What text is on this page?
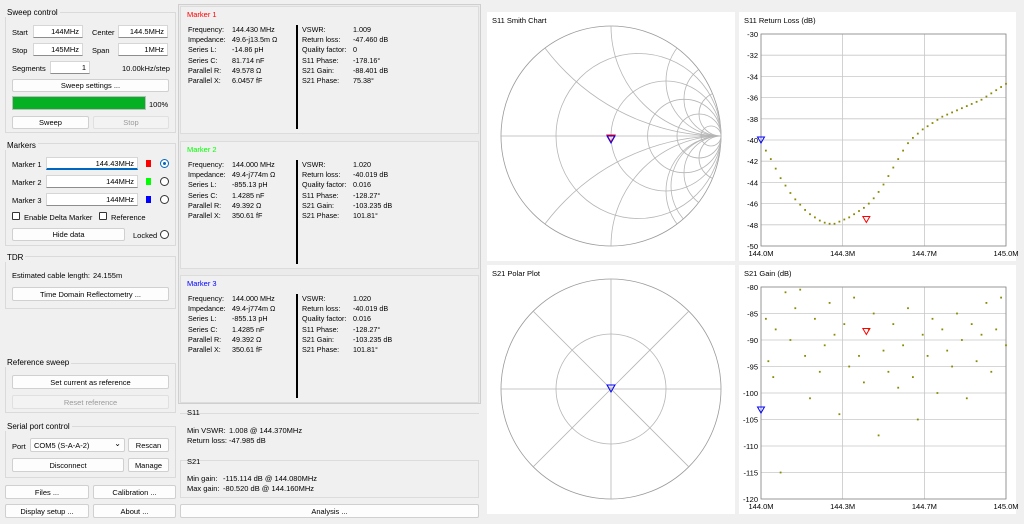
Sweep control
Start	144MHz	Center	144.5MHz
Stop	145MHz	Span	1MHz
Segments	1	10.00kHz/step
Sweep settings ...
100%
Sweep	Stop
Markers
Marker 1	144.43MHz
Marker 2	144MHz
Marker 3	144MHz
Enable Delta Marker Reference
Hide data	Locked
TDR
Estimated cable length: 24.155m
Time Domain Reflectometry ...
Reference sweep
Set current as reference
Reset reference
Serial port control
Port COM5 (S-A-A-2)	⌄	Rescan
Disconnect	Manage
Files ...	Calibration ...
Display setup ...	About ...	Analysis ...
Marker 1
Frequency: 144.430 MHz
Impedance: 49.6-j13.5m Ω
Series L: -14.86 pH
Series C: 81.714 nF
Parallel R: 49.578 Ω
Parallel X: 6.0457 fF
VSWR:	1.009
Return loss: -47.460 dB
Quality factor: 0
S11 Phase: -178.16°
S21 Gain:	-88.401 dB
S21 Phase: 75.38°
Marker 2
Frequency: 144.000 MHz
Impedance: 49.4-j774m Ω
Series L: -855.13 pH
Series C: 1.4285 nF
Parallel R: 49.392 Ω
Parallel X: 350.61 fF
VSWR:	1.020
Return loss: -40.019 dB
Quality factor: 0.016
S11 Phase: -128.27°
S21 Gain:	-103.235 dB
S21 Phase: 101.81°
Marker 3
Frequency: 144.000 MHz
Impedance: 49.4-j774m Ω
Series L: -855.13 pH
Series C: 1.4285 nF
Parallel R: 49.392 Ω
Parallel X: 350.61 fF
VSWR:	1.020
Return loss: -40.019 dB
Quality factor: 0.016
S11 Phase: -128.27°
S21 Gain:	-103.235 dB
S21 Phase: 101.81°
S11
Min VSWR: 1.008 @ 144.370MHz
Return loss: -47.985 dB
S21
Min gain: -115.114 dB @ 144.080MHz
Max gain: -80.520 dB @ 144.160MHz
S11 Smith Chart
S21 Polar Plot
S11 Return Loss (dB)
-30
-32
-34
-36
-38
-40
-42
-44
-46
-48
-50
144.0M	144.3M	144.7M	145.0M
S21 Gain (dB)
-80
-85
-90
-95
-100
-105
-110
-115
-120
144.0M	144.3M	144.7M	145.0M
